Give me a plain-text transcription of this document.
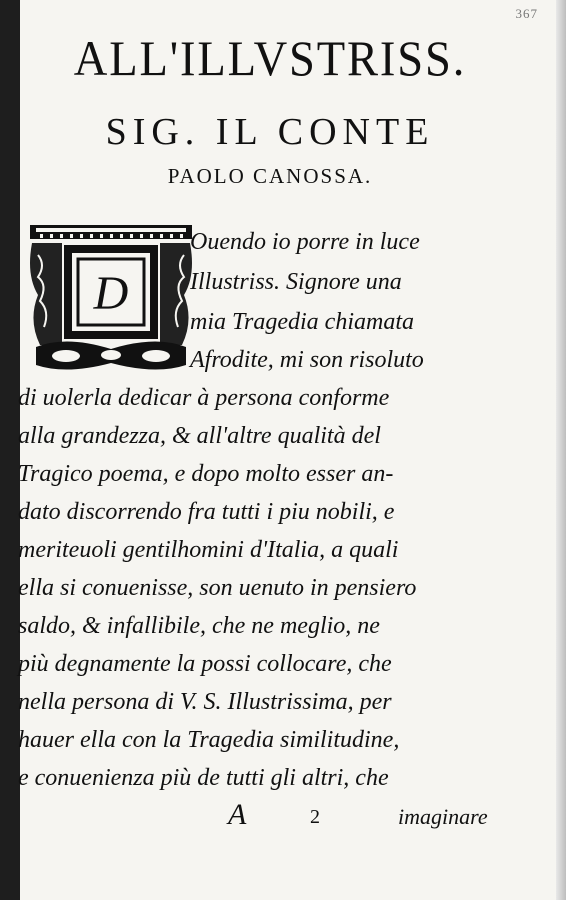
367
ALL'ILLVSTRISS.
SIG. IL CONTE
PAOLO CANOSSA.
D
Ouendo io porre in luce
Illustriss. Signore una
mia Tragedia chiamata
Afrodite, mi son risoluto
di uolerla dedicar à persona conforme
alla grandezza, & all'altre qualità del
Tragico poema, e dopo molto esser an-
dato discorrendo fra tutti i piu nobili, e
meriteuoli gentilhomini d'Italia, a quali
ella si conuenisse, son uenuto in pensiero
saldo, & infallibile, che ne meglio, ne
più degnamente la possi collocare, che
nella persona di V. S. Illustrissima, per
hauer ella con la Tragedia similitudine,
e conuenienza più de tutti gli altri, che
A	2	imaginare
